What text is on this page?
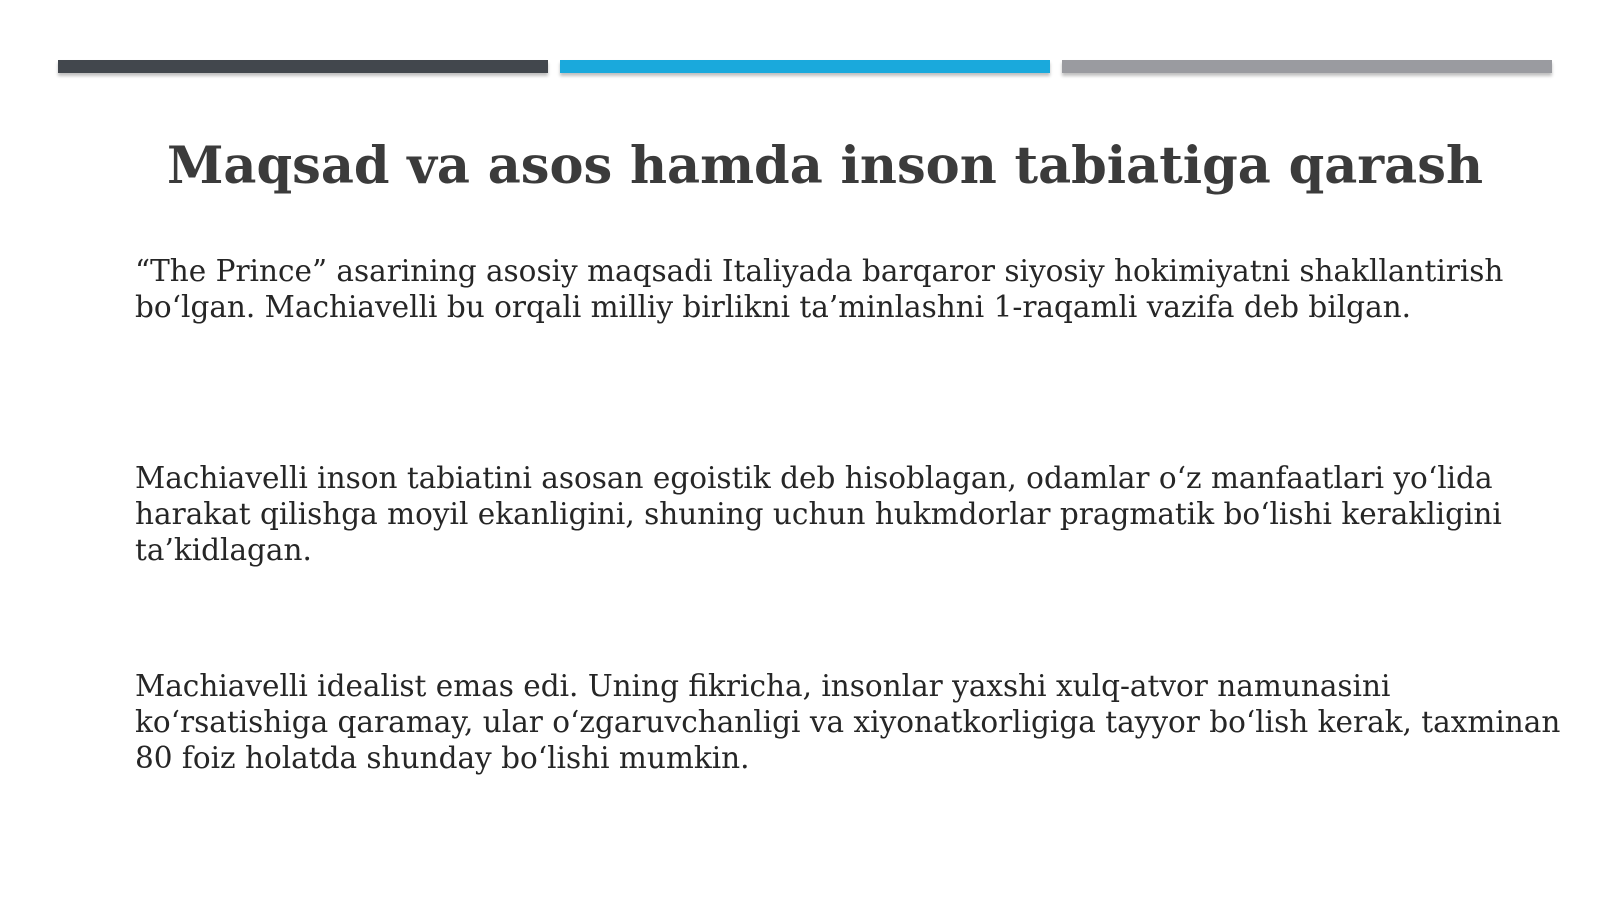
Maqsad va asos hamda inson tabiatiga qarash

“The Prince” asarining asosiy maqsadi Italiyada barqaror siyosiy hokimiyatni shakllantirish bo‘lgan. Machiavelli bu orqali milliy birlikni ta’minlashni 1-raqamli vazifa deb bilgan.

Machiavelli inson tabiatini asosan egoistik deb hisoblagan, odamlar o‘z manfaatlari yo‘lida harakat qilishga moyil ekanligini, shuning uchun hukmdorlar pragmatik bo‘lishi kerakligini ta’kidlagan.

Machiavelli idealist emas edi. Uning fikricha, insonlar yaxshi xulq-atvor namunasini ko‘rsatishiga qaramay, ular o‘zgaruvchanligi va xiyonatkorligiga tayyor bo‘lish kerak, taxminan 80 foiz holatda shunday bo‘lishi mumkin.
